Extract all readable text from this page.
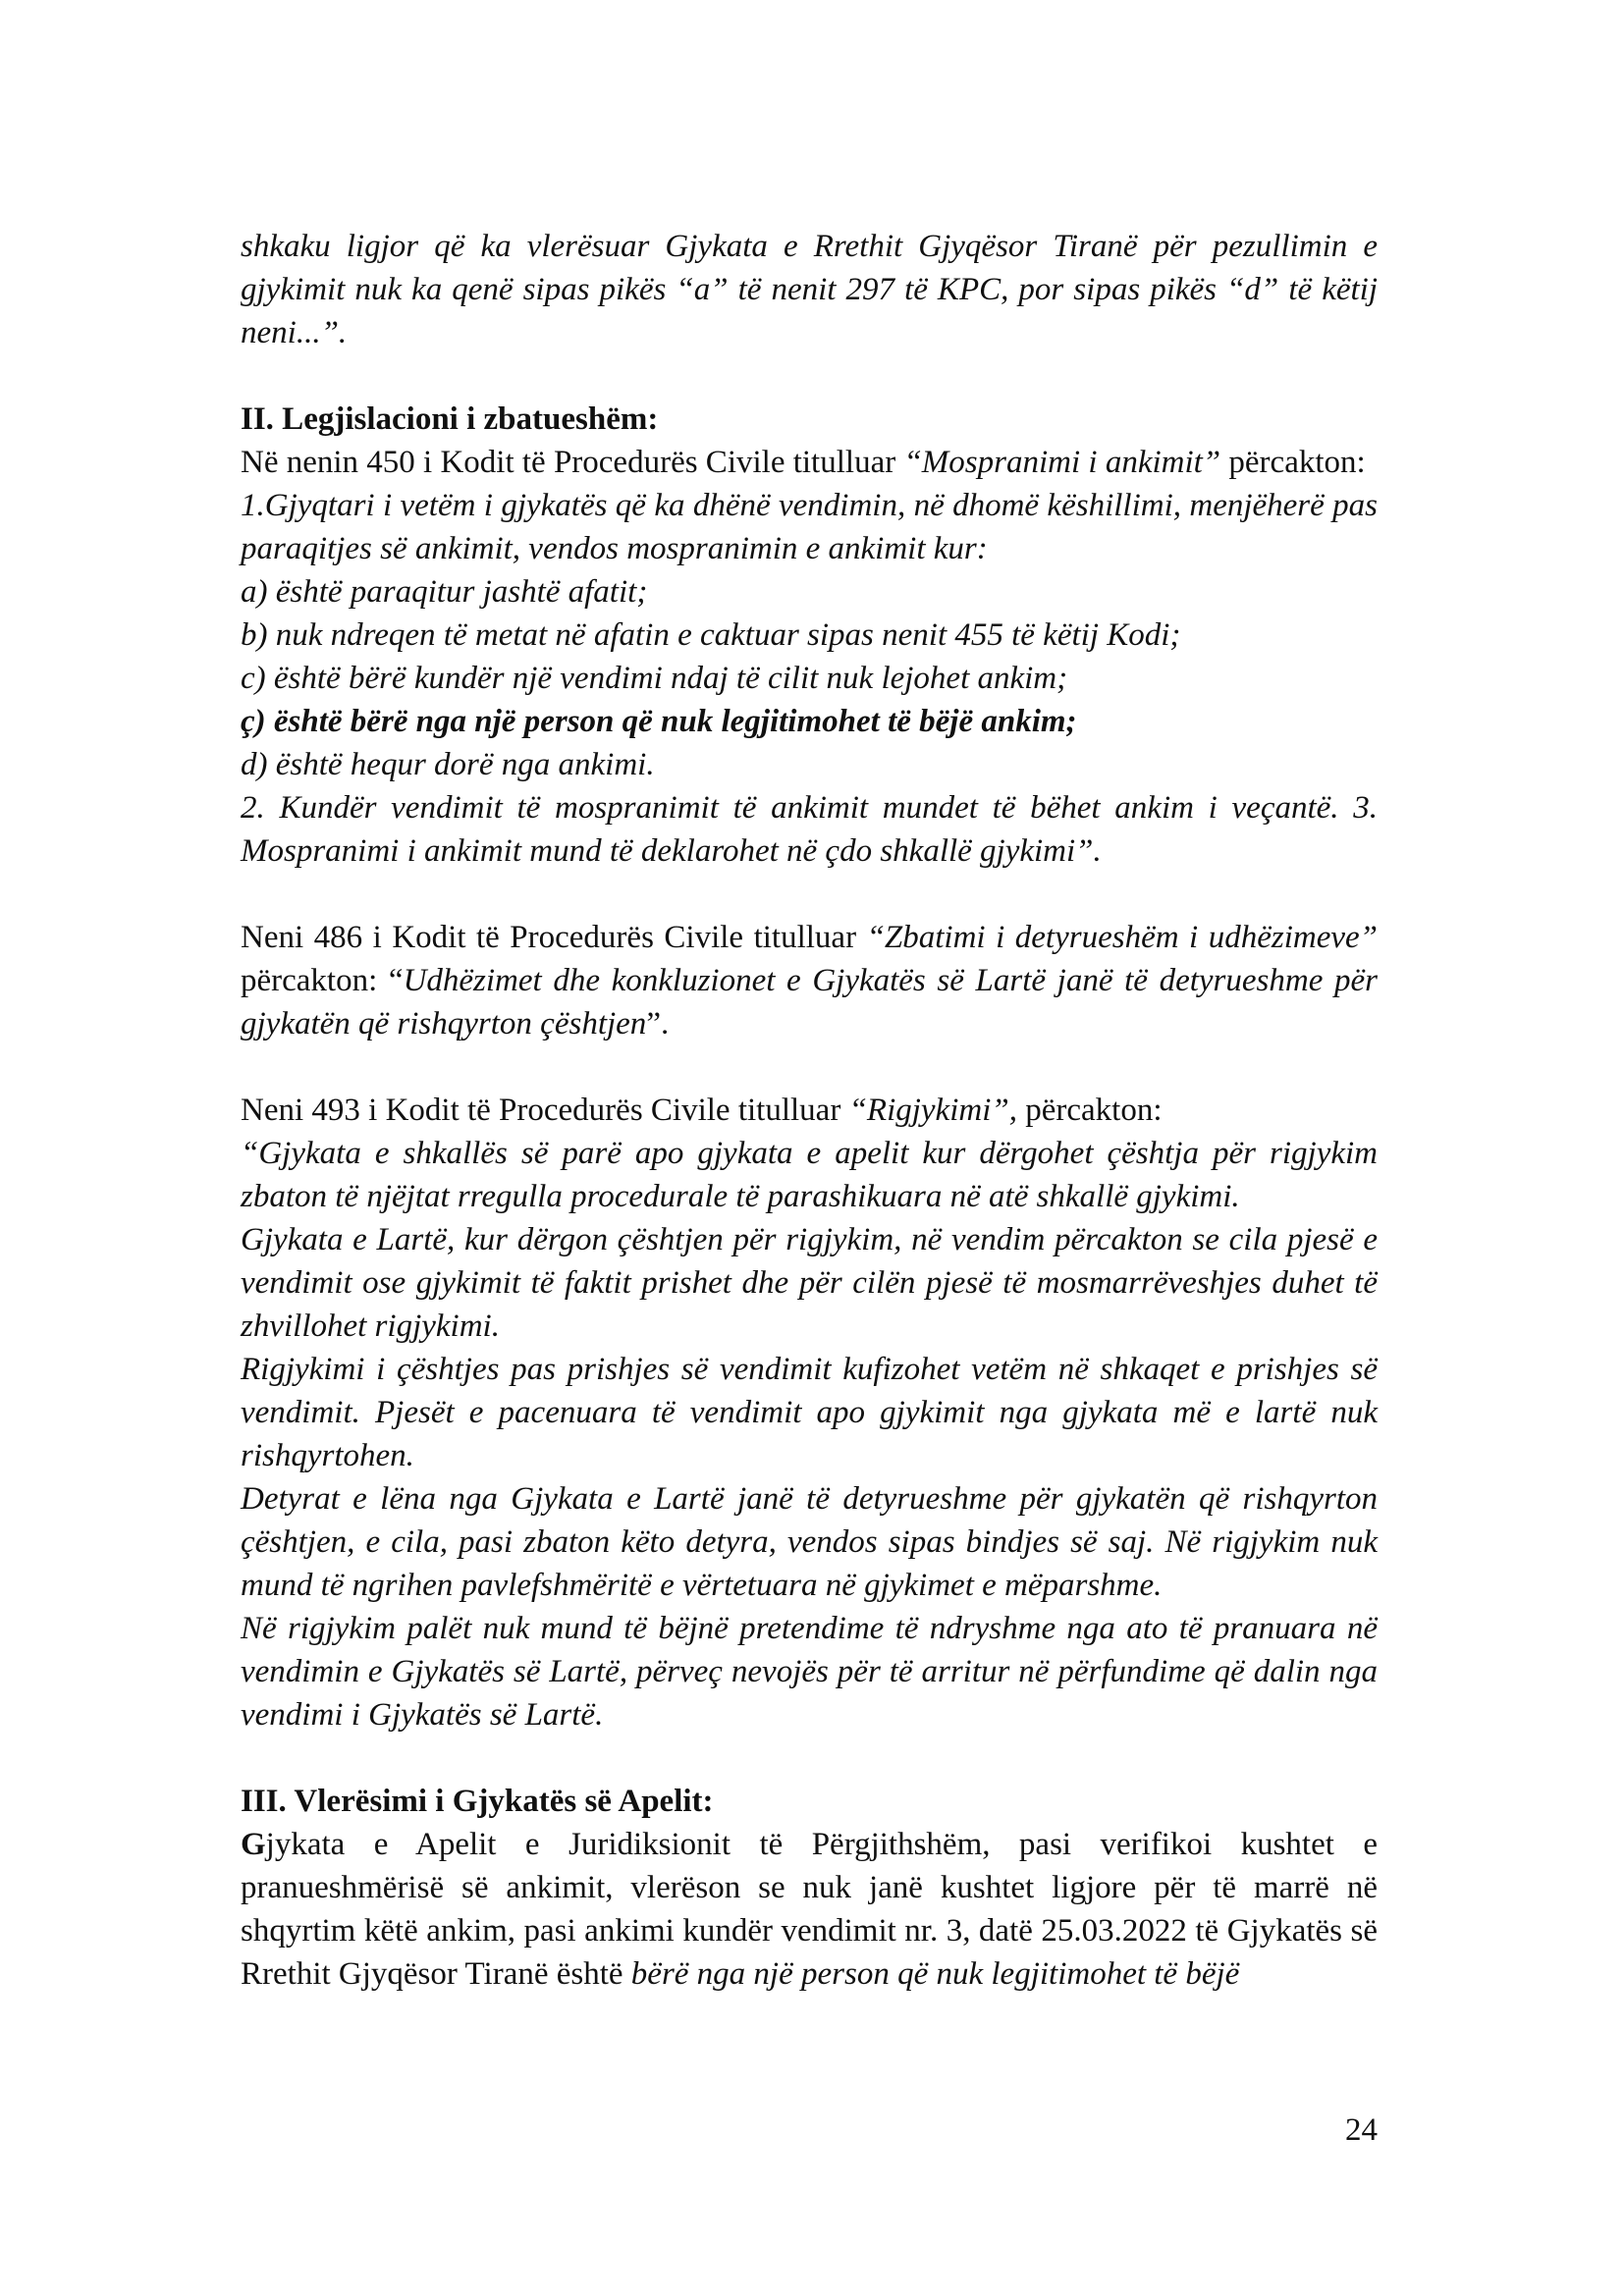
shkaku ligjor që ka vlerësuar Gjykata e Rrethit Gjyqësor Tiranë për pezullimin e gjykimit nuk ka qenë sipas pikës “a” të nenit 297 të KPC, por sipas pikës “d” të këtij neni...”.

II. Legjislacioni i zbatueshëm:

Në nenin 450 i Kodit të Procedurës Civile titulluar “Mospranimi i ankimit” përcakton:

1.Gjyqtari i vetëm i gjykatës që ka dhënë vendimin, në dhomë këshillimi, menjëherë pas paraqitjes së ankimit, vendos mospranimin e ankimit kur:

a) është paraqitur jashtë afatit;

b) nuk ndreqen të metat në afatin e caktuar sipas nenit 455 të këtij Kodi;

c) është bërë kundër një vendimi ndaj të cilit nuk lejohet ankim;

ç) është bërë nga një person që nuk legjitimohet të bëjë ankim;

d) është hequr dorë nga ankimi.

2. Kundër vendimit të mospranimit të ankimit mundet të bëhet ankim i veçantë. 3. Mospranimi i ankimit mund të deklarohet në çdo shkallë gjykimi”.

Neni 486 i Kodit të Procedurës Civile titulluar “Zbatimi i detyrueshëm i udhëzimeve” përcakton: “Udhëzimet dhe konkluzionet e Gjykatës së Lartë janë të detyrueshme për gjykatën që rishqyrton çështjen”.

Neni 493 i Kodit të Procedurës Civile titulluar “Rigjykimi”, përcakton:

“Gjykata e shkallës së parë apo gjykata e apelit kur dërgohet çështja për rigjykim zbaton të njëjtat rregulla procedurale të parashikuara në atë shkallë gjykimi.

Gjykata e Lartë, kur dërgon çështjen për rigjykim, në vendim përcakton se cila pjesë e vendimit ose gjykimit të faktit prishet dhe për cilën pjesë të mosmarrëveshjes duhet të zhvillohet rigjykimi.

Rigjykimi i çështjes pas prishjes së vendimit kufizohet vetëm në shkaqet e prishjes së vendimit. Pjesët e pacenuara të vendimit apo gjykimit nga gjykata më e lartë nuk rishqyrtohen.

Detyrat e lëna nga Gjykata e Lartë janë të detyrueshme për gjykatën që rishqyrton çështjen, e cila, pasi zbaton këto detyra, vendos sipas bindjes së saj. Në rigjykim nuk mund të ngrihen pavlefshmëritë e vërtetuara në gjykimet e mëparshme.

Në rigjykim palët nuk mund të bëjnë pretendime të ndryshme nga ato të pranuara në vendimin e Gjykatës së Lartë, përveç nevojës për të arritur në përfundime që dalin nga vendimi i Gjykatës së Lartë.

III. Vlerësimi i Gjykatës së Apelit:

Gjykata e Apelit e Juridiksionit të Përgjithshëm, pasi verifikoi kushtet e pranueshmërisë së ankimit, vlerëson se nuk janë kushtet ligjore për të marrë në shqyrtim këtë ankim, pasi ankimi kundër vendimit nr. 3, datë 25.03.2022 të Gjykatës së Rrethit Gjyqësor Tiranë është bërë nga një person që nuk legjitimohet të bëjë

24
